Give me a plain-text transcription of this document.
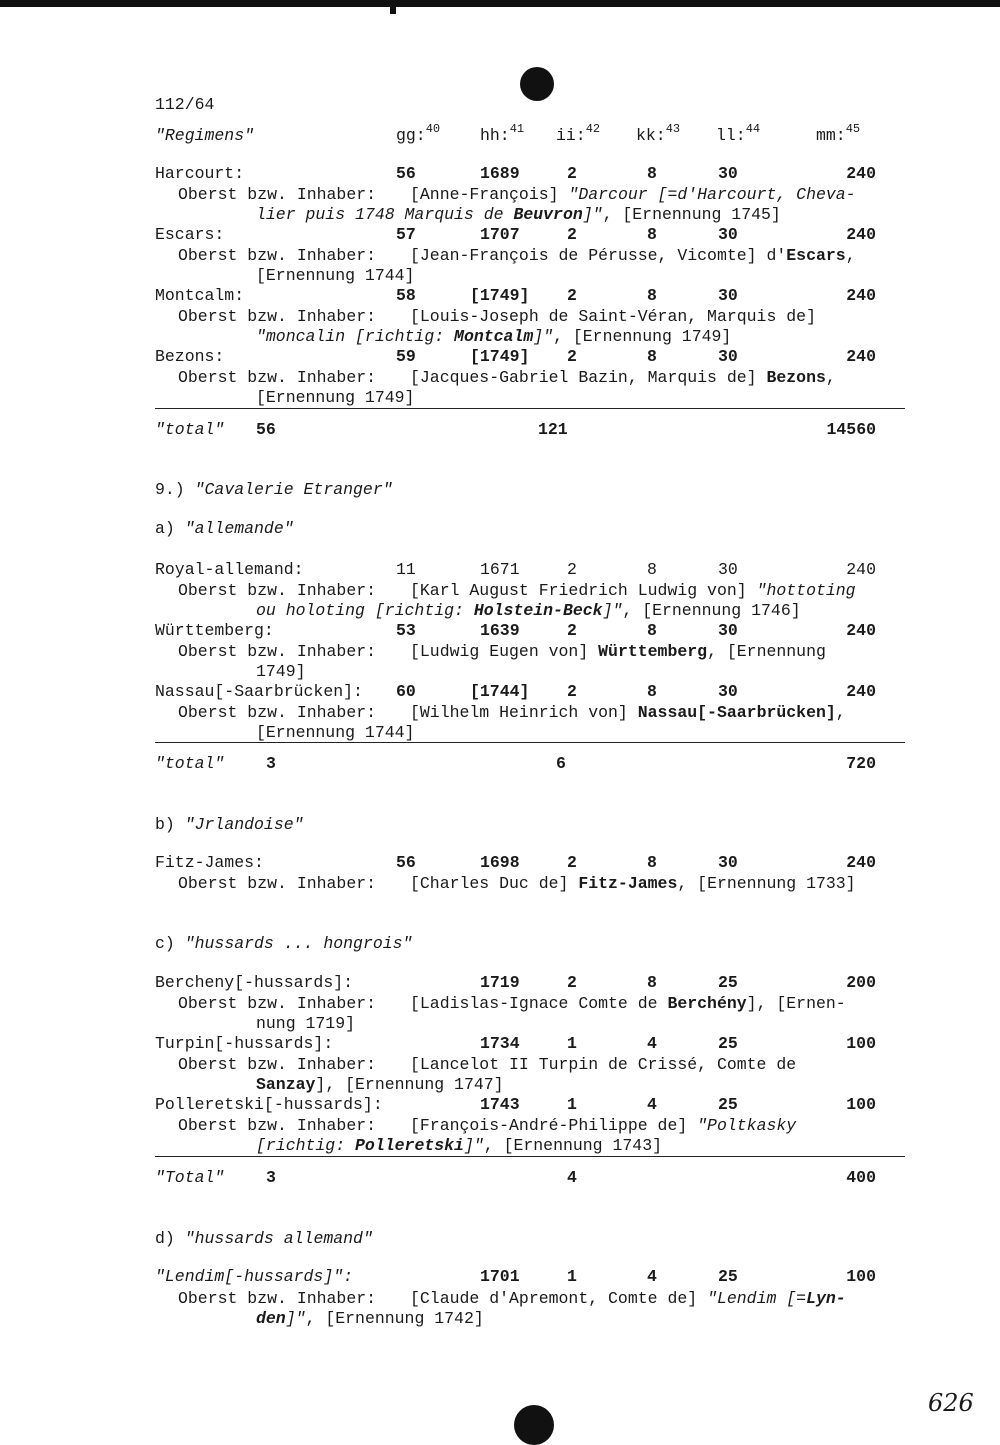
112/64
"Regimens"	gg:$^{40}$ hh:$^{41}$ ii:$^{42}$ kk:$^{43}$ ll:$^{44}$	mm:$^{45}$
Harcourt:	56	1689	2	8	30	240
Oberst bzw. Inhaber: [Anne-François] "Darcour [=d'Harcourt, Cheva-
lier puis 1748 Marquis de Beuvron]", [Ernennung 1745]
Escars:	57	1707	2	8	30	240
Oberst bzw. Inhaber: [Jean-François de Pérusse, Vicomte] d'Escars,
[Ernennung 1744]
Montcalm:	58	[1749] 2	8	30	240
Oberst bzw. Inhaber: [Louis-Joseph de Saint-Véran, Marquis de]
"moncalin [richtig: Montcalm]", [Ernennung 1749]
Bezons:	59	[1749] 2	8	30	240
Oberst bzw. Inhaber: [Jacques-Gabriel Bazin, Marquis de] Bezons,
[Ernennung 1749]
"total" 56	121	14560
9.) "Cavalerie Etranger"
a) "allemande"
Royal-allemand:	11	1671	2	8	30	240
Oberst bzw. Inhaber: [Karl August Friedrich Ludwig von] "hottoting
ou holoting [richtig: Holstein-Beck]", [Ernennung 1746]
Württemberg:	53	1639	2	8	30	240
Oberst bzw. Inhaber: [Ludwig Eugen von] Württemberg, [Ernennung
1749]
Nassau[-Saarbrücken]: 60	[1744] 2	8	30	240
Oberst bzw. Inhaber: [Wilhelm Heinrich von] Nassau[-Saarbrücken],
[Ernennung 1744]
"total"	3	6	720
b) "Jrlandoise"
Fitz-James:	56	1698	2	8	30	240
Oberst bzw. Inhaber: [Charles Duc de] Fitz-James, [Ernennung 1733]
c) "hussards ... hongrois"
Bercheny[-hussards]:	1719	2	8	25	200
Oberst bzw. Inhaber: [Ladislas-Ignace Comte de Berchény], [Ernen-
nung 1719]
Turpin[-hussards]:	1734	1	4	25	100
Oberst bzw. Inhaber: [Lancelot II Turpin de Crissé, Comte de
Sanzay], [Ernennung 1747]
Polleretski[-hussards]:	1743	1	4	25	100
Oberst bzw. Inhaber: [François-André-Philippe de] "Poltkasky
[richtig: Polleretski]", [Ernennung 1743]
"Total"	3	4	400
d) "hussards allemand"
"Lendim[-hussards]":	1701	1	4	25	100
Oberst bzw. Inhaber: [Claude d'Apremont, Comte de] "Lendim [=Lyn-
den]", [Ernennung 1742]
626
